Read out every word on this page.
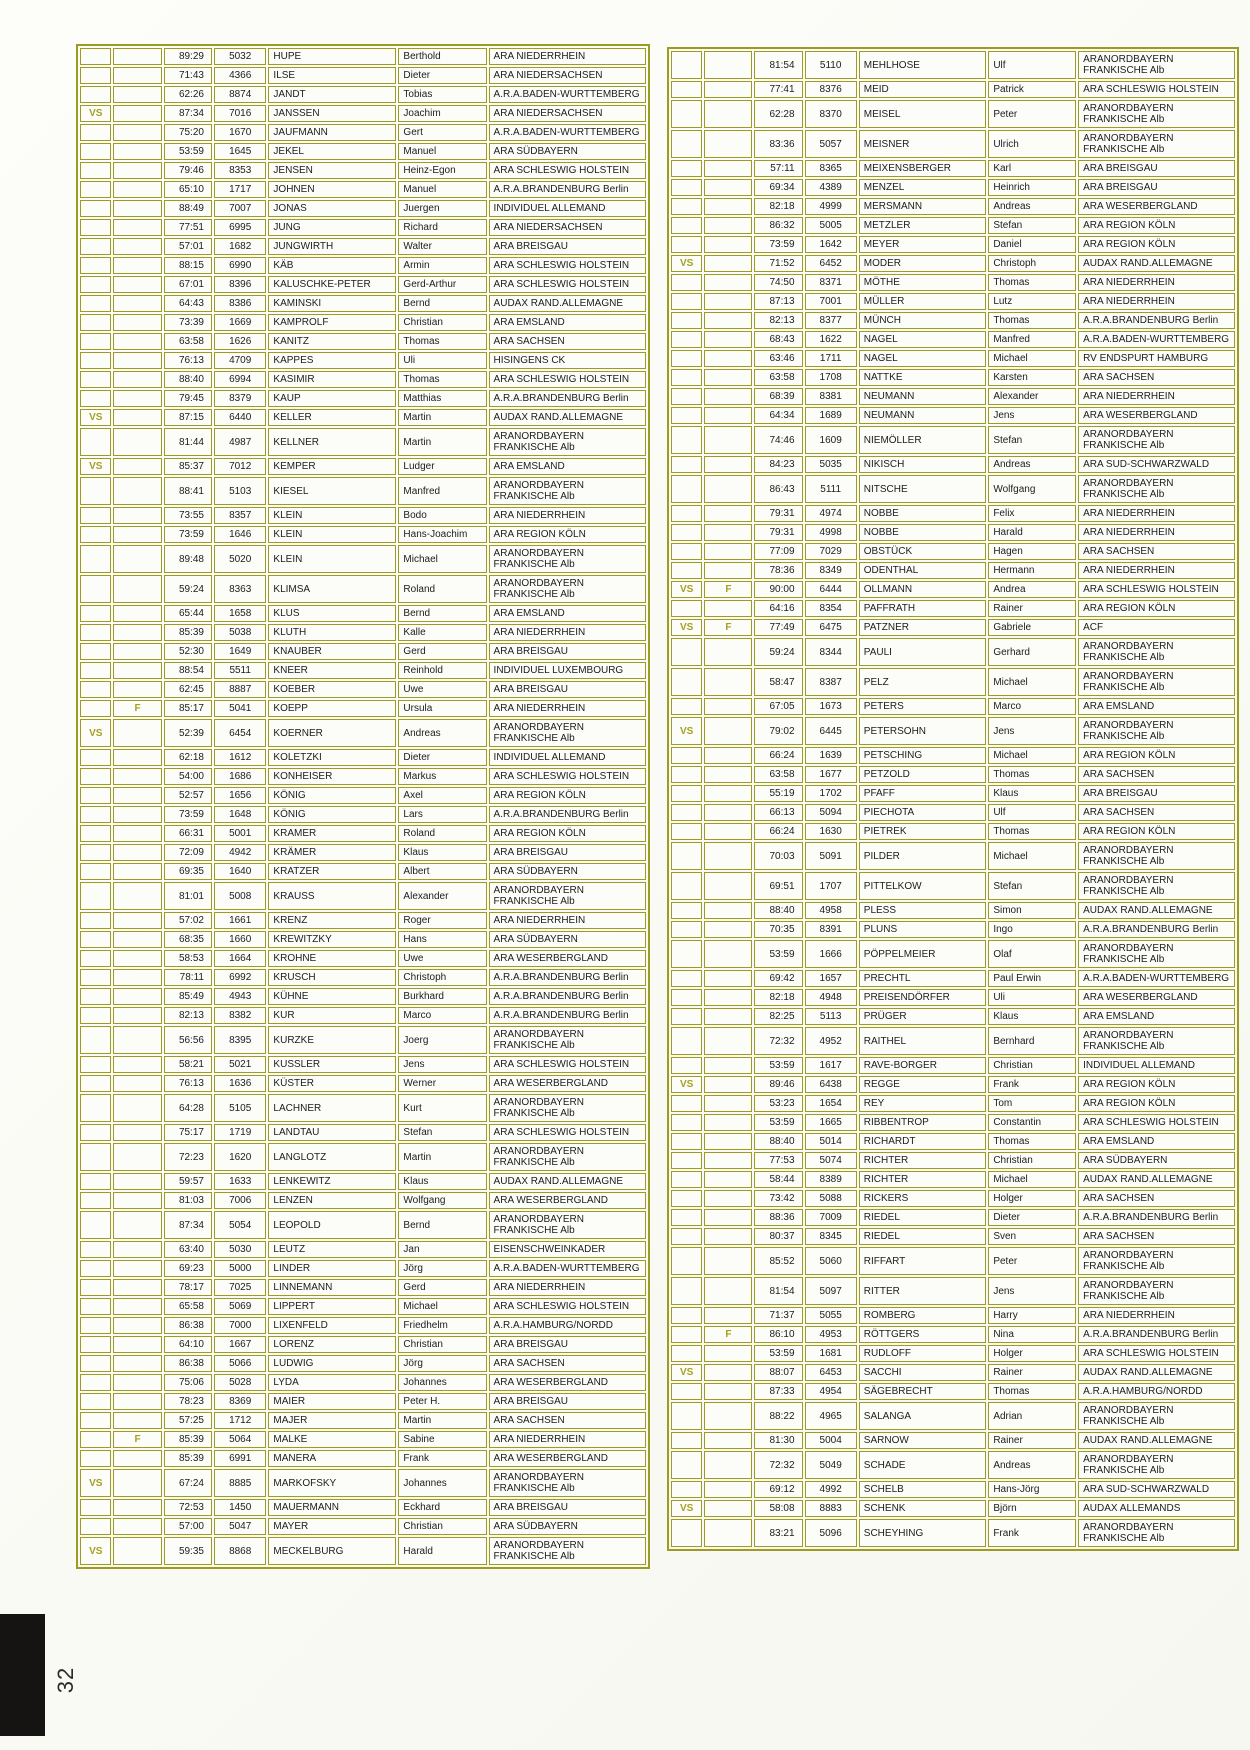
		89:29	5032	HUPE	Berthold	ARA NIEDERRHEIN
		71:43	4366	ILSE	Dieter	ARA NIEDERSACHSEN
		62:26	8874	JANDT	Tobias	A.R.A.BADEN-WURTTEMBERG
VS		87:34	7016	JANSSEN	Joachim	ARA NIEDERSACHSEN
		75:20	1670	JAUFMANN	Gert	A.R.A.BADEN-WURTTEMBERG
		53:59	1645	JEKEL	Manuel	ARA SÜDBAYERN
		79:46	8353	JENSEN	Heinz-Egon	ARA SCHLESWIG HOLSTEIN
		65:10	1717	JOHNEN	Manuel	A.R.A.BRANDENBURG Berlin
		88:49	7007	JONAS	Juergen	INDIVIDUEL ALLEMAND
		77:51	6995	JUNG	Richard	ARA NIEDERSACHSEN
		57:01	1682	JUNGWIRTH	Walter	ARA BREISGAU
		88:15	6990	KÄB	Armin	ARA SCHLESWIG HOLSTEIN
		67:01	8396	KALUSCHKE-PETER	Gerd-Arthur	ARA SCHLESWIG HOLSTEIN
		64:43	8386	KAMINSKI	Bernd	AUDAX RAND.ALLEMAGNE
		73:39	1669	KAMPROLF	Christian	ARA EMSLAND
		63:58	1626	KANITZ	Thomas	ARA SACHSEN
		76:13	4709	KAPPES	Uli	HISINGENS CK
		88:40	6994	KASIMIR	Thomas	ARA SCHLESWIG HOLSTEIN
		79:45	8379	KAUP	Matthias	A.R.A.BRANDENBURG Berlin
VS		87:15	6440	KELLER	Martin	AUDAX RAND.ALLEMAGNE
		81:44	4987	KELLNER	Martin	ARANORDBAYERN FRANKISCHE Alb
VS		85:37	7012	KEMPER	Ludger	ARA EMSLAND
		88:41	5103	KIESEL	Manfred	ARANORDBAYERN FRANKISCHE Alb
		73:55	8357	KLEIN	Bodo	ARA NIEDERRHEIN
		73:59	1646	KLEIN	Hans-Joachim	ARA REGION KÖLN
		89:48	5020	KLEIN	Michael	ARANORDBAYERN FRANKISCHE Alb
		59:24	8363	KLIMSA	Roland	ARANORDBAYERN FRANKISCHE Alb
		65:44	1658	KLUS	Bernd	ARA EMSLAND
		85:39	5038	KLUTH	Kalle	ARA NIEDERRHEIN
		52:30	1649	KNAUBER	Gerd	ARA BREISGAU
		88:54	5511	KNEER	Reinhold	INDIVIDUEL LUXEMBOURG
		62:45	8887	KOEBER	Uwe	ARA BREISGAU
	F	85:17	5041	KOEPP	Ursula	ARA NIEDERRHEIN
VS		52:39	6454	KOERNER	Andreas	ARANORDBAYERN FRANKISCHE Alb
		62:18	1612	KOLETZKI	Dieter	INDIVIDUEL ALLEMAND
		54:00	1686	KONHEISER	Markus	ARA SCHLESWIG HOLSTEIN
		52:57	1656	KÖNIG	Axel	ARA REGION KÖLN
		73:59	1648	KÖNIG	Lars	A.R.A.BRANDENBURG Berlin
		66:31	5001	KRAMER	Roland	ARA REGION KÖLN
		72:09	4942	KRÄMER	Klaus	ARA BREISGAU
		69:35	1640	KRATZER	Albert	ARA SÜDBAYERN
		81:01	5008	KRAUSS	Alexander	ARANORDBAYERN FRANKISCHE Alb
		57:02	1661	KRENZ	Roger	ARA NIEDERRHEIN
		68:35	1660	KREWITZKY	Hans	ARA SÜDBAYERN
		58:53	1664	KROHNE	Uwe	ARA WESERBERGLAND
		78:11	6992	KRUSCH	Christoph	A.R.A.BRANDENBURG Berlin
		85:49	4943	KÜHNE	Burkhard	A.R.A.BRANDENBURG Berlin
		82:13	8382	KUR	Marco	A.R.A.BRANDENBURG Berlin
		56:56	8395	KURZKE	Joerg	ARANORDBAYERN FRANKISCHE Alb
		58:21	5021	KUSSLER	Jens	ARA SCHLESWIG HOLSTEIN
		76:13	1636	KÜSTER	Werner	ARA WESERBERGLAND
		64:28	5105	LACHNER	Kurt	ARANORDBAYERN FRANKISCHE Alb
		75:17	1719	LANDTAU	Stefan	ARA SCHLESWIG HOLSTEIN
		72:23	1620	LANGLOTZ	Martin	ARANORDBAYERN FRANKISCHE Alb
		59:57	1633	LENKEWITZ	Klaus	AUDAX RAND.ALLEMAGNE
		81:03	7006	LENZEN	Wolfgang	ARA WESERBERGLAND
		87:34	5054	LEOPOLD	Bernd	ARANORDBAYERN FRANKISCHE Alb
		63:40	5030	LEUTZ	Jan	EISENSCHWEINKADER
		69:23	5000	LINDER	Jörg	A.R.A.BADEN-WURTTEMBERG
		78:17	7025	LINNEMANN	Gerd	ARA NIEDERRHEIN
		65:58	5069	LIPPERT	Michael	ARA SCHLESWIG HOLSTEIN
		86:38	7000	LIXENFELD	Friedhelm	A.R.A.HAMBURG/NORDD
		64:10	1667	LORENZ	Christian	ARA BREISGAU
		86:38	5066	LUDWIG	Jörg	ARA SACHSEN
		75:06	5028	LYDA	Johannes	ARA WESERBERGLAND
		78:23	8369	MAIER	Peter H.	ARA BREISGAU
		57:25	1712	MAJER	Martin	ARA SACHSEN
	F	85:39	5064	MALKE	Sabine	ARA NIEDERRHEIN
		85:39	6991	MANERA	Frank	ARA WESERBERGLAND
VS		67:24	8885	MARKOFSKY	Johannes	ARANORDBAYERN FRANKISCHE Alb
		72:53	1450	MAUERMANN	Eckhard	ARA BREISGAU
		57:00	5047	MAYER	Christian	ARA SÜDBAYERN
VS		59:35	8868	MECKELBURG	Harald	ARANORDBAYERN FRANKISCHE Alb
		81:54	5110	MEHLHOSE	Ulf	ARANORDBAYERN FRANKISCHE Alb
		77:41	8376	MEID	Patrick	ARA SCHLESWIG HOLSTEIN
		62:28	8370	MEISEL	Peter	ARANORDBAYERN FRANKISCHE Alb
		83:36	5057	MEISNER	Ulrich	ARANORDBAYERN FRANKISCHE Alb
		57:11	8365	MEIXENSBERGER	Karl	ARA BREISGAU
		69:34	4389	MENZEL	Heinrich	ARA BREISGAU
		82:18	4999	MERSMANN	Andreas	ARA WESERBERGLAND
		86:32	5005	METZLER	Stefan	ARA REGION KÖLN
		73:59	1642	MEYER	Daniel	ARA REGION KÖLN
VS		71:52	6452	MODER	Christoph	AUDAX RAND.ALLEMAGNE
		74:50	8371	MÖTHE	Thomas	ARA NIEDERRHEIN
		87:13	7001	MÜLLER	Lutz	ARA NIEDERRHEIN
		82:13	8377	MÜNCH	Thomas	A.R.A.BRANDENBURG Berlin
		68:43	1622	NAGEL	Manfred	A.R.A.BADEN-WURTTEMBERG
		63:46	1711	NAGEL	Michael	RV ENDSPURT HAMBURG
		63:58	1708	NATTKE	Karsten	ARA SACHSEN
		68:39	8381	NEUMANN	Alexander	ARA NIEDERRHEIN
		64:34	1689	NEUMANN	Jens	ARA WESERBERGLAND
		74:46	1609	NIEMÖLLER	Stefan	ARANORDBAYERN FRANKISCHE Alb
		84:23	5035	NIKISCH	Andreas	ARA SUD-SCHWARZWALD
		86:43	5111	NITSCHE	Wolfgang	ARANORDBAYERN FRANKISCHE Alb
		79:31	4974	NOBBE	Felix	ARA NIEDERRHEIN
		79:31	4998	NOBBE	Harald	ARA NIEDERRHEIN
		77:09	7029	OBSTÜCK	Hagen	ARA SACHSEN
		78:36	8349	ODENTHAL	Hermann	ARA NIEDERRHEIN
VS	F	90:00	6444	OLLMANN	Andrea	ARA SCHLESWIG HOLSTEIN
		64:16	8354	PAFFRATH	Rainer	ARA REGION KÖLN
VS	F	77:49	6475	PATZNER	Gabriele	ACF
		59:24	8344	PAULI	Gerhard	ARANORDBAYERN FRANKISCHE Alb
		58:47	8387	PELZ	Michael	ARANORDBAYERN FRANKISCHE Alb
		67:05	1673	PETERS	Marco	ARA EMSLAND
VS		79:02	6445	PETERSOHN	Jens	ARANORDBAYERN FRANKISCHE Alb
		66:24	1639	PETSCHING	Michael	ARA REGION KÖLN
		63:58	1677	PETZOLD	Thomas	ARA SACHSEN
		55:19	1702	PFAFF	Klaus	ARA BREISGAU
		66:13	5094	PIECHOTA	Ulf	ARA SACHSEN
		66:24	1630	PIETREK	Thomas	ARA REGION KÖLN
		70:03	5091	PILDER	Michael	ARANORDBAYERN FRANKISCHE Alb
		69:51	1707	PITTELKOW	Stefan	ARANORDBAYERN FRANKISCHE Alb
		88:40	4958	PLESS	Simon	AUDAX RAND.ALLEMAGNE
		70:35	8391	PLUNS	Ingo	A.R.A.BRANDENBURG Berlin
		53:59	1666	PÖPPELMEIER	Olaf	ARANORDBAYERN FRANKISCHE Alb
		69:42	1657	PRECHTL	Paul Erwin	A.R.A.BADEN-WURTTEMBERG
		82:18	4948	PREISENDÖRFER	Uli	ARA WESERBERGLAND
		82:25	5113	PRÜGER	Klaus	ARA EMSLAND
		72:32	4952	RAITHEL	Bernhard	ARANORDBAYERN FRANKISCHE Alb
		53:59	1617	RAVE-BORGER	Christian	INDIVIDUEL ALLEMAND
VS		89:46	6438	REGGE	Frank	ARA REGION KÖLN
		53:23	1654	REY	Tom	ARA REGION KÖLN
		53:59	1665	RIBBENTROP	Constantin	ARA SCHLESWIG HOLSTEIN
		88:40	5014	RICHARDT	Thomas	ARA EMSLAND
		77:53	5074	RICHTER	Christian	ARA SÜDBAYERN
		58:44	8389	RICHTER	Michael	AUDAX RAND.ALLEMAGNE
		73:42	5088	RICKERS	Holger	ARA SACHSEN
		88:36	7009	RIEDEL	Dieter	A.R.A.BRANDENBURG Berlin
		80:37	8345	RIEDEL	Sven	ARA SACHSEN
		85:52	5060	RIFFART	Peter	ARANORDBAYERN FRANKISCHE Alb
		81:54	5097	RITTER	Jens	ARANORDBAYERN FRANKISCHE Alb
		71:37	5055	ROMBERG	Harry	ARA NIEDERRHEIN
	F	86:10	4953	RÖTTGERS	Nina	A.R.A.BRANDENBURG Berlin
		53:59	1681	RUDLOFF	Holger	ARA SCHLESWIG HOLSTEIN
VS		88:07	6453	SACCHI	Rainer	AUDAX RAND.ALLEMAGNE
		87:33	4954	SÄGEBRECHT	Thomas	A.R.A.HAMBURG/NORDD
		88:22	4965	SALANGA	Adrian	ARANORDBAYERN FRANKISCHE Alb
		81:30	5004	SARNOW	Rainer	AUDAX RAND.ALLEMAGNE
		72:32	5049	SCHADE	Andreas	ARANORDBAYERN FRANKISCHE Alb
		69:12	4992	SCHELB	Hans-Jörg	ARA SUD-SCHWARZWALD
VS		58:08	8883	SCHENK	Björn	AUDAX ALLEMANDS
		83:21	5096	SCHEYHING	Frank	ARANORDBAYERN FRANKISCHE Alb
32
